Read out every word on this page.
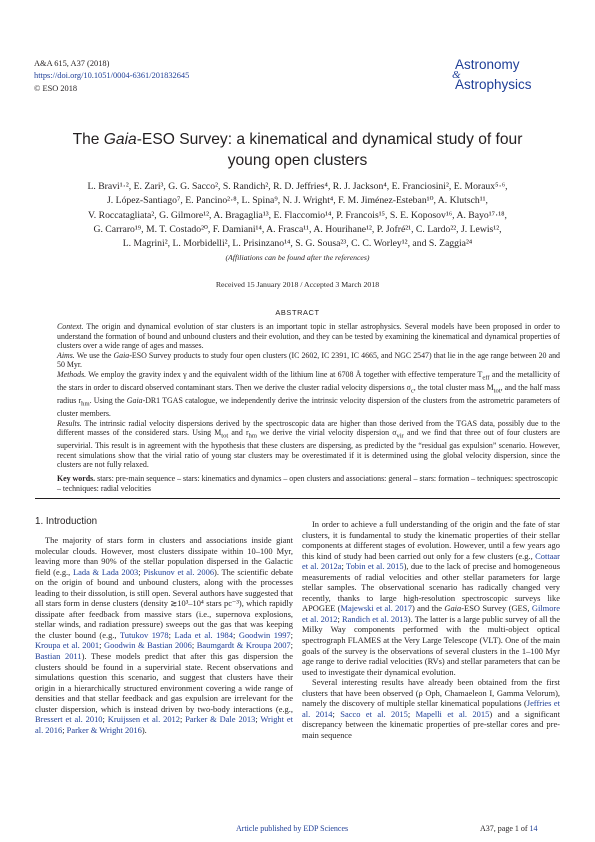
A&A 615, A37 (2018)
https://doi.org/10.1051/0004-6361/201832645
© ESO 2018
Astronomy
&
Astrophysics
The Gaia-ESO Survey: a kinematical and dynamical study of four
young open clusters
L. Bravi¹·², E. Zari³, G. G. Sacco², S. Randich², R. D. Jeffries⁴, R. J. Jackson⁴, E. Franciosini², E. Moraux⁵·⁶,
J. López-Santiago⁷, E. Pancino²·⁸, L. Spina⁹, N. J. Wright⁴, F. M. Jiménez-Esteban¹⁰, A. Klutsch¹¹,
V. Roccatagliata², G. Gilmore¹², A. Bragaglia¹³, E. Flaccomio¹⁴, P. Francois¹⁵, S. E. Koposov¹⁶, A. Bayo¹⁷·¹⁸,
G. Carraro¹⁹, M. T. Costado²⁰, F. Damiani¹⁴, A. Frasca¹¹, A. Hourihane¹², P. Jofré²¹, C. Lardo²², J. Lewis¹²,
L. Magrini², L. Morbidelli², L. Prisinzano¹⁴, S. G. Sousa²³, C. C. Worley¹², and S. Zaggia²⁴
(Affiliations can be found after the references)
Received 15 January 2018 / Accepted 3 March 2018
ABSTRACT

Context. The origin and dynamical evolution of star clusters is an important topic in stellar astrophysics. Several models have been proposed in order to understand the formation of bound and unbound clusters and their evolution, and they can be tested by examining the kinematical and dynamical properties of clusters over a wide range of ages and masses.

Aims. We use the Gaia-ESO Survey products to study four open clusters (IC 2602, IC 2391, IC 4665, and NGC 2547) that lie in the age range between 20 and 50 Myr.

Methods. We employ the gravity index γ and the equivalent width of the lithium line at 6708 Å together with effective temperature $T_{eff}$ and the metallicity of the stars in order to discard observed contaminant stars. Then we derive the cluster radial velocity dispersions $\sigma_c$, the total cluster mass $M_{tot}$, and the half mass radius $r_{hm}$. Using the Gaia-DR1 TGAS catalogue, we independently derive the intrinsic velocity dispersion of the clusters from the astrometric parameters of cluster members.

Results. The intrinsic radial velocity dispersions derived by the spectroscopic data are higher than those derived from the TGAS data, possibly due to the different masses of the considered stars. Using $M_{tot}$ and $r_{hm}$ we derive the virial velocity dispersion $\sigma_{vir}$ and we find that three out of four clusters are supervirial. This result is in agreement with the hypothesis that these clusters are dispersing, as predicted by the “residual gas expulsion” scenario. However, recent simulations show that the virial ratio of young star clusters may be overestimated if it is determined using the global velocity dispersion, since the clusters are not fully relaxed.

Key words. stars: pre-main sequence – stars: kinematics and dynamics – open clusters and associations: general – stars: formation – techniques: spectroscopic – techniques: radial velocities
1. Introduction

The majority of stars form in clusters and associations inside giant molecular clouds. However, most clusters dissipate within 10–100 Myr, leaving more than 90% of the stellar population dispersed in the Galactic field (e.g., Lada & Lada 2003; Piskunov et al. 2006). The scientific debate on the origin of bound and unbound clusters, along with the processes leading to their dissolution, is still open. Several authors have suggested that all stars form in dense clusters (density ≳10³–10⁴ stars pc⁻³), which rapidly dissipate after feedback from massive stars (i.e., supernova explosions, stellar winds, and radiation pressure) sweeps out the gas that was keeping the cluster bound (e.g., Tutukov 1978; Lada et al. 1984; Goodwin 1997; Kroupa et al. 2001; Goodwin & Bastian 2006; Baumgardt & Kroupa 2007; Bastian 2011). These models predict that after this gas dispersion the clusters should be found in a supervirial state. Recent observations and simulations question this scenario, and suggest that clusters have their origin in a hierarchically structured environment covering a wide range of densities and that stellar feedback and gas expulsion are irrelevant for the cluster dispersion, which is instead driven by two-body interactions (e.g., Bressert et al. 2010; Kruijssen et al. 2012; Parker & Dale 2013; Wright et al. 2016; Parker & Wright 2016).

In order to achieve a full understanding of the origin and the fate of star clusters, it is fundamental to study the kinematic properties of their stellar components at different stages of evolution. However, until a few years ago this kind of study had been carried out only for a few clusters (e.g., Cottaar et al. 2012a; Tobin et al. 2015), due to the lack of precise and homogeneous measurements of radial velocities and other stellar parameters for large stellar samples. The observational scenario has radically changed very recently, thanks to large high-resolution spectroscopic surveys like APOGEE (Majewski et al. 2017) and the Gaia-ESO Survey (GES, Gilmore et al. 2012; Randich et al. 2013). The latter is a large public survey of all the Milky Way components performed with the multi-object optical spectrograph FLAMES at the Very Large Telescope (VLT). One of the main goals of the survey is the observations of several clusters in the 1–100 Myr age range to derive radial velocities (RVs) and stellar parameters that can be used to investigate their dynamical evolution.

Several interesting results have already been obtained from the first clusters that have been observed (ρ Oph, Chamaeleon I, Gamma Velorum), namely the discovery of multiple stellar kinematical populations (Jeffries et al. 2014; Sacco et al. 2015; Mapelli et al. 2015) and a significant discrepancy between the kinematic properties of pre-stellar cores and pre-main sequence

Article published by EDP Sciences	A37, page 1 of 14
